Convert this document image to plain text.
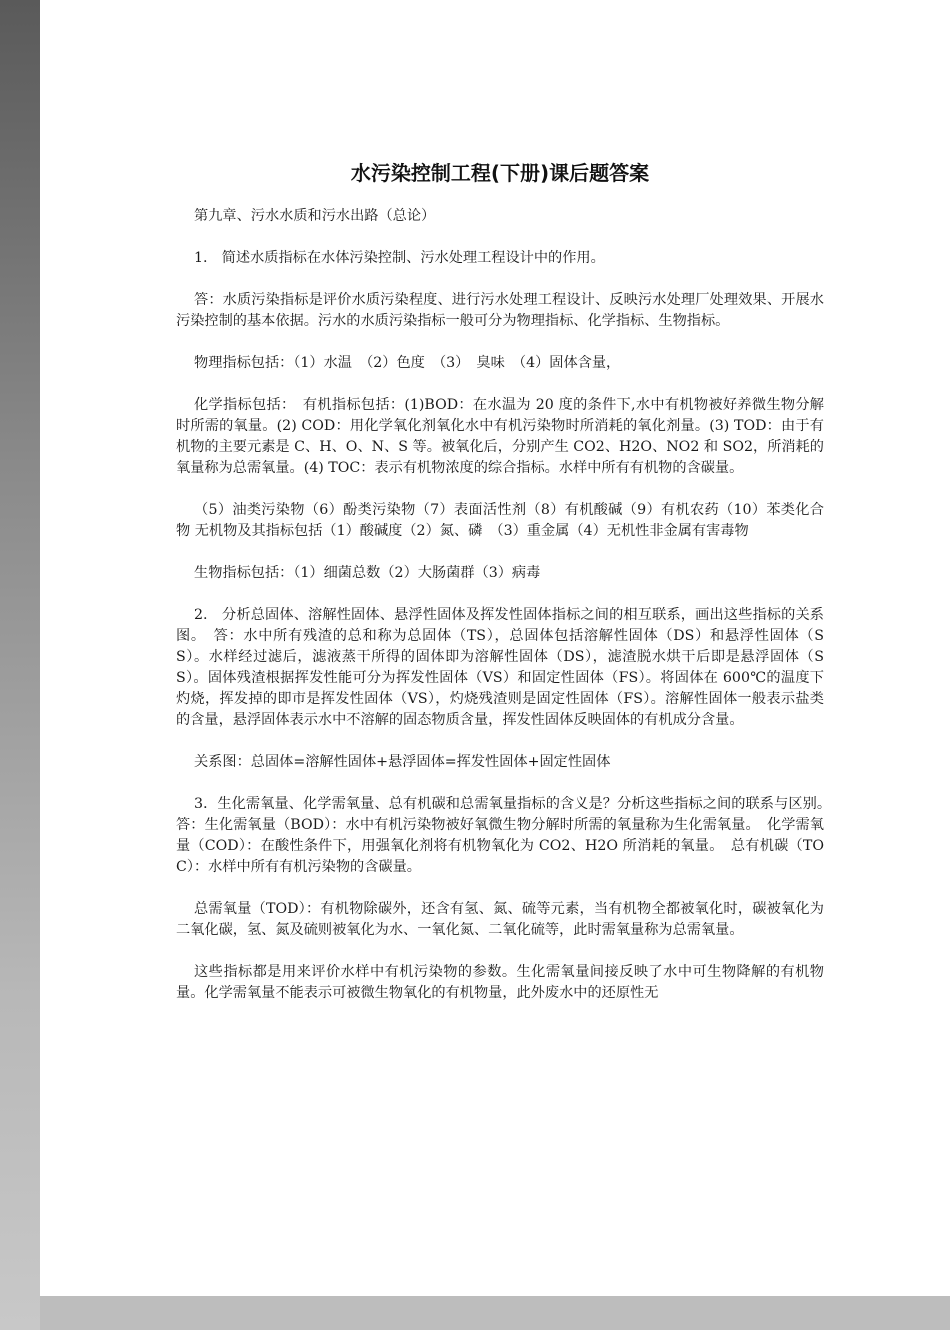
水污染控制工程(下册)课后题答案

第九章、污水水质和污水出路（总论）

1.　简述水质指标在水体污染控制、污水处理工程设计中的作用。

答：水质污染指标是评价水质污染程度、进行污水处理工程设计、反映污水处理厂处理效果、开展水污染控制的基本依据。污水的水质污染指标一般可分为物理指标、化学指标、生物指标。

物理指标包括：（1）水温　（2）色度　（3）　臭味　（4）固体含量，

化学指标包括：　有机指标包括：(1)BOD：在水温为 20 度的条件下,水中有机物被好养微生物分解时所需的氧量。(2) COD：用化学氧化剂氧化水中有机污染物时所消耗的氧化剂量。(3) TOD：由于有机物的主要元素是 C、H、O、N、S 等。被氧化后，分别产生 CO2、H2O、NO2 和 SO2，所消耗的氧量称为总需氧量。(4) TOC：表示有机物浓度的综合指标。水样中所有有机物的含碳量。

（5）油类污染物（6）酚类污染物（7）表面活性剂（8）有机酸碱（9）有机农药（10）苯类化合物 无机物及其指标包括（1）酸碱度（2）氮、磷　（3）重金属（4）无机性非金属有害毒物

生物指标包括：（1）细菌总数（2）大肠菌群（3）病毒

2.　分析总固体、溶解性固体、悬浮性固体及挥发性固体指标之间的相互联系，画出这些指标的关系图。　答：水中所有残渣的总和称为总固体（TS），总固体包括溶解性固体（DS）和悬浮性固体（SS）。水样经过滤后，滤液蒸干所得的固体即为溶解性固体（DS），滤渣脱水烘干后即是悬浮固体（SS）。固体残渣根据挥发性能可分为挥发性固体（VS）和固定性固体（FS）。将固体在 600℃的温度下灼烧，挥发掉的即市是挥发性固体（VS），灼烧残渣则是固定性固体（FS）。溶解性固体一般表示盐类的含量，悬浮固体表示水中不溶解的固态物质含量，挥发性固体反映固体的有机成分含量。

关系图：总固体=溶解性固体+悬浮固体=挥发性固体+固定性固体

3．生化需氧量、化学需氧量、总有机碳和总需氧量指标的含义是？分析这些指标之间的联系与区别。　答：生化需氧量（BOD）：水中有机污染物被好氧微生物分解时所需的氧量称为生化需氧量。　化学需氧量（COD）：在酸性条件下，用强氧化剂将有机物氧化为 CO2、H2O 所消耗的氧量。　总有机碳（TOC）：水样中所有有机污染物的含碳量。

总需氧量（TOD）：有机物除碳外，还含有氢、氮、硫等元素，当有机物全都被氧化时，碳被氧化为二氧化碳，氢、氮及硫则被氧化为水、一氧化氮、二氧化硫等，此时需氧量称为总需氧量。

这些指标都是用来评价水样中有机污染物的参数。生化需氧量间接反映了水中可生物降解的有机物量。化学需氧量不能表示可被微生物氧化的有机物量，此外废水中的还原性无
